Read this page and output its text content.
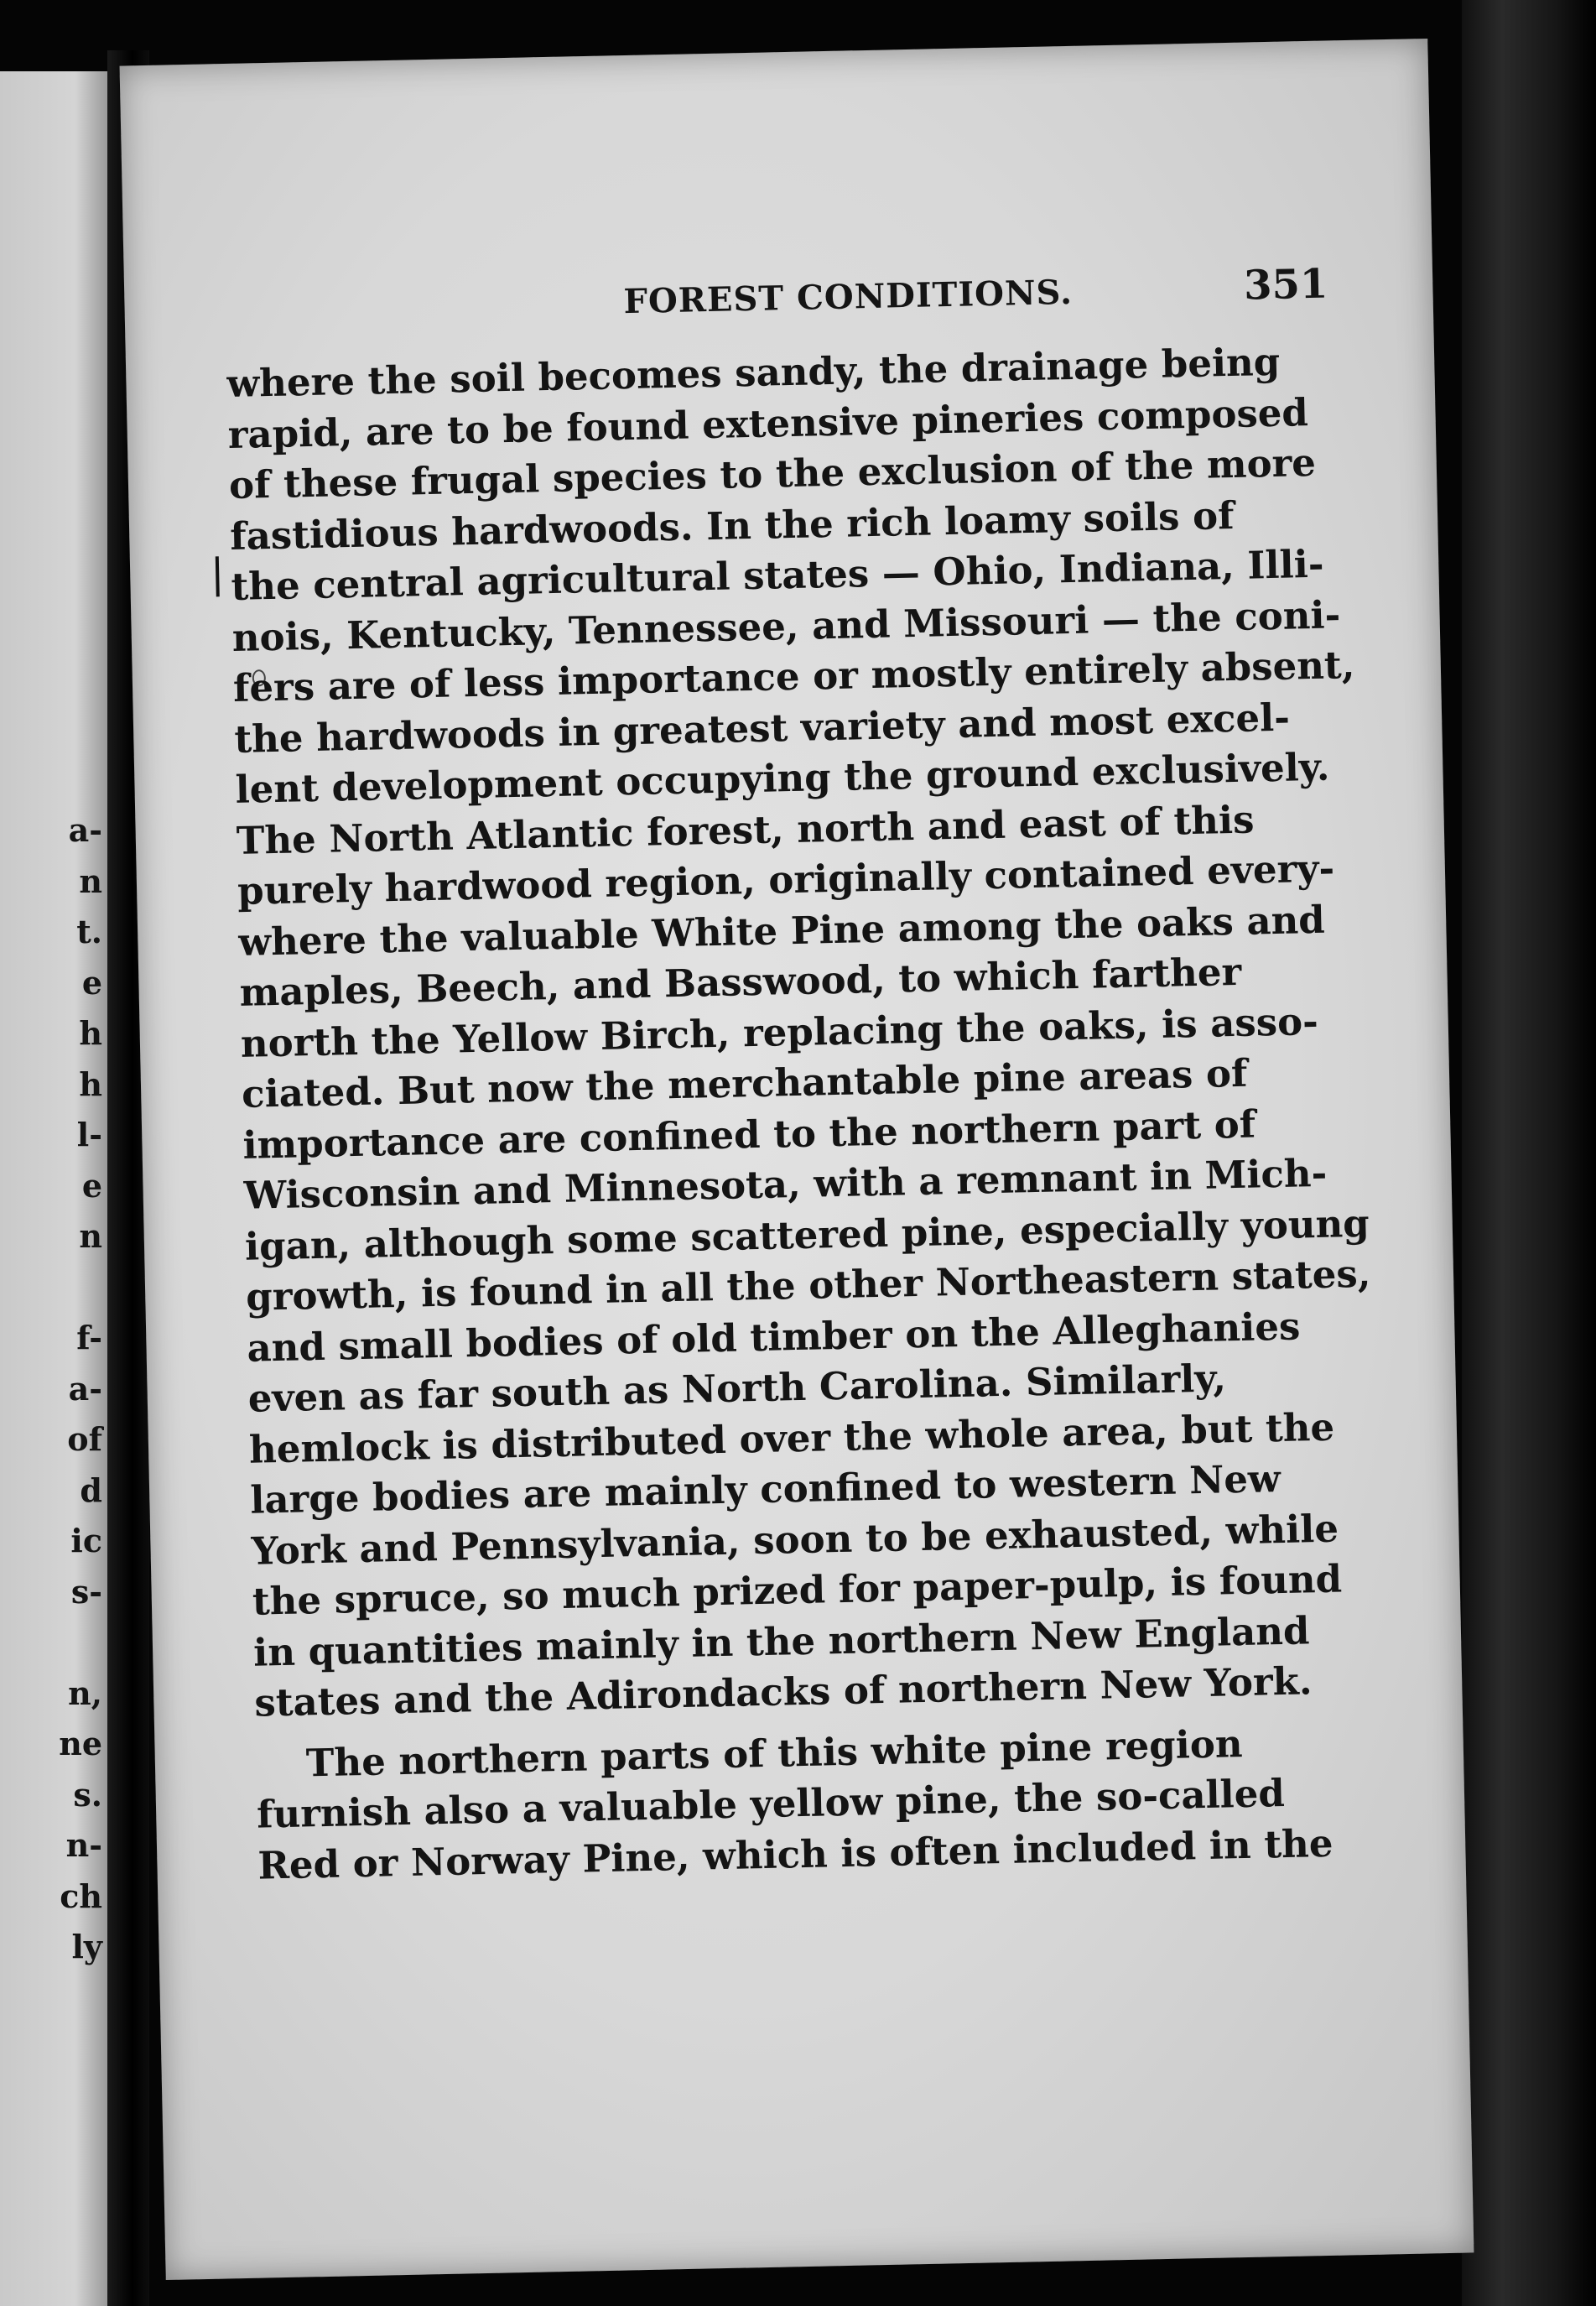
a-
n
t.
e
h
h
l-
e
n
f-
a-
of
d
ic
s-
n,
ne
s.
n-
ch
ly
FOREST CONDITIONS.	351
where the soil becomes sandy, the drainage being
rapid, are to be found extensive pineries composed
of these frugal species to the exclusion of the more
fastidious hardwoods. In the rich loamy soils of
the central agricultural states — Ohio, Indiana, Illi-
nois, Kentucky, Tennessee, and Missouri — the coni-
fers are of less importance or mostly entirely absent,
the hardwoods in greatest variety and most excel-
lent development occupying the ground exclusively.
The North Atlantic forest, north and east of this
purely hardwood region, originally contained every-
where the valuable White Pine among the oaks and
maples, Beech, and Basswood, to which farther
north the Yellow Birch, replacing the oaks, is asso-
ciated. But now the merchantable pine areas of
importance are confined to the northern part of
Wisconsin and Minnesota, with a remnant in Mich-
igan, although some scattered pine, especially young
growth, is found in all the other Northeastern states,
and small bodies of old timber on the Alleghanies
even as far south as North Carolina. Similarly,
hemlock is distributed over the whole area, but the
large bodies are mainly confined to western New
York and Pennsylvania, soon to be exhausted, while
the spruce, so much prized for paper-pulp, is found
in quantities mainly in the northern New England
states and the Adirondacks of northern New York.
The northern parts of this white pine region
furnish also a valuable yellow pine, the so-called
Red or Norway Pine, which is often included in the
